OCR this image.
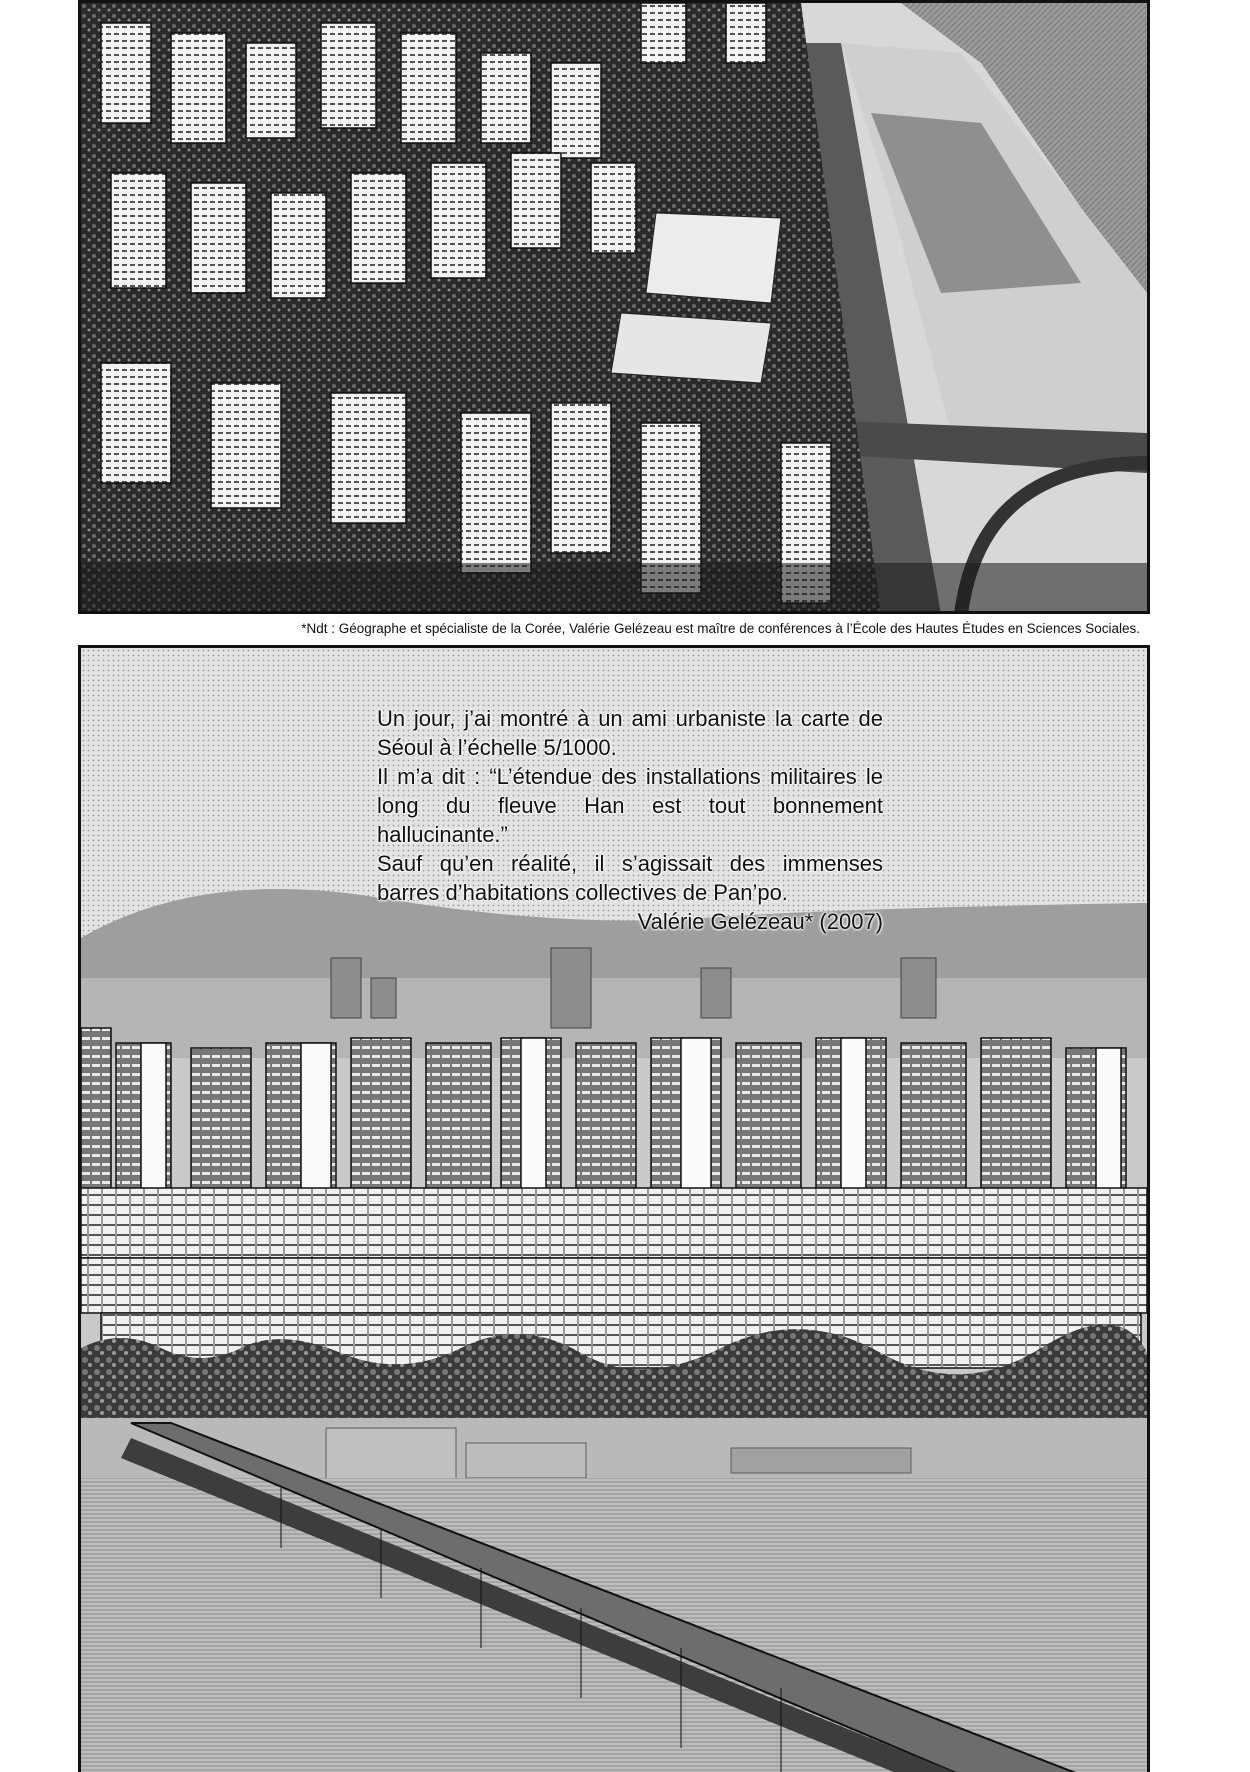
*Ndt : Géographe et spécialiste de la Corée, Valérie Gelézeau est maître de conférences à l’École des Hautes Études en Sciences Sociales.

Un jour, j’ai montré à un ami urbaniste la carte de Séoul à l’échelle 5/1000.

Il m’a dit : “L’étendue des installations militaires le long du fleuve Han est tout bonnement hallucinante.”

Sauf qu’en réalité, il s’agissait des immenses barres d’habitations collectives de Pan’po.

Valérie Gelézeau* (2007)
